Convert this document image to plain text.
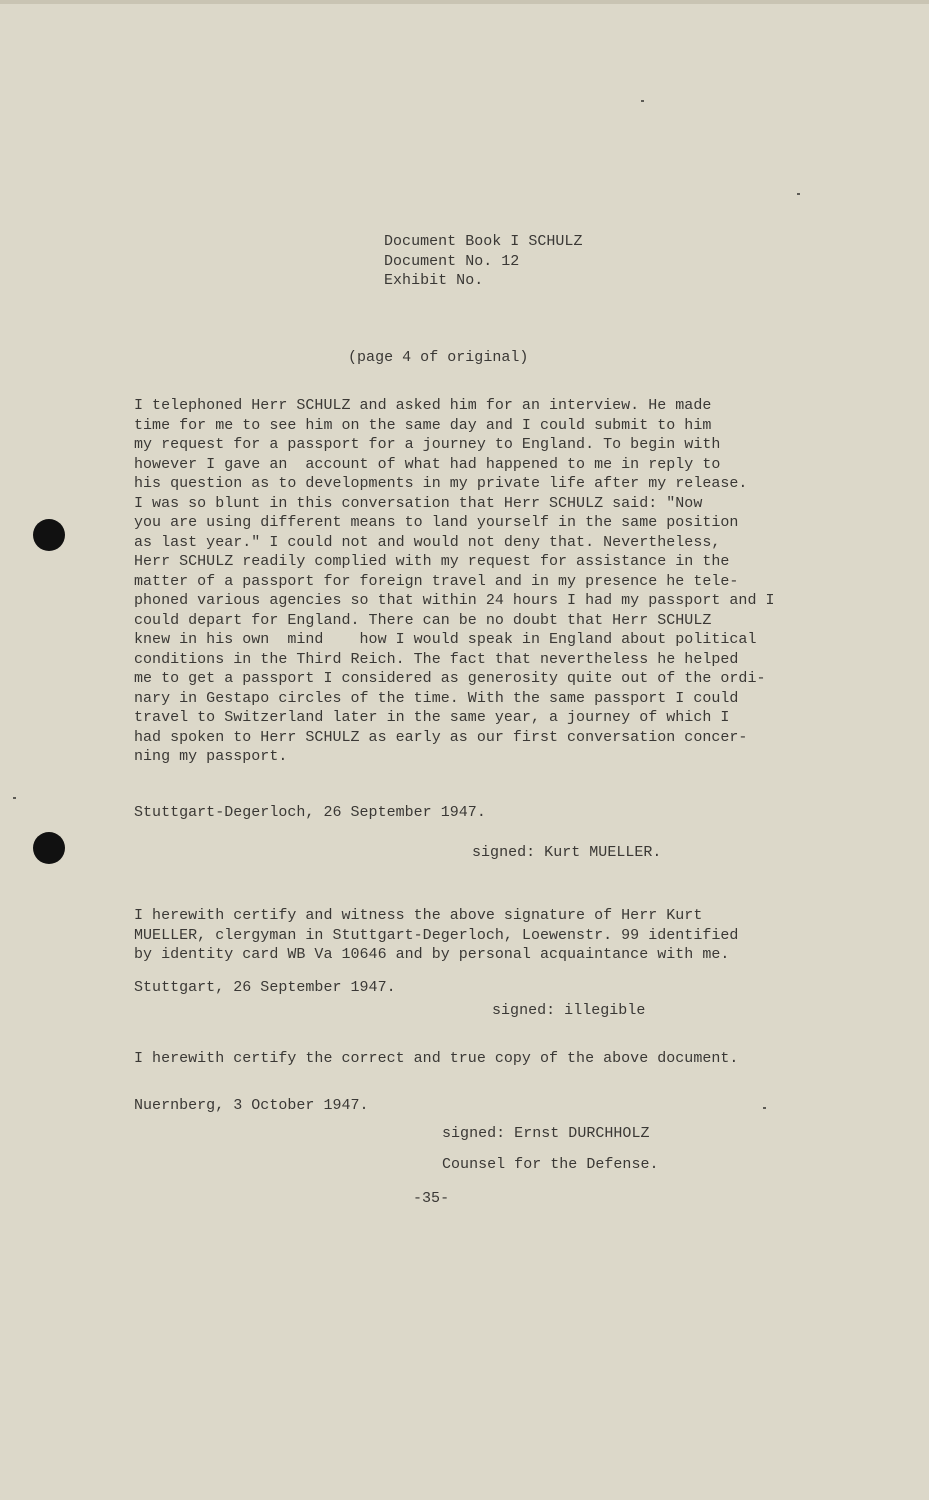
Document Book I SCHULZ
Document No. 12
Exhibit No.
(page 4 of original)
I telephoned Herr SCHULZ and asked him for an interview. He made
time for me to see him on the same day and I could submit to him
my request for a passport for a journey to England. To begin with
however I gave an  account of what had happened to me in reply to
his question as to developments in my private life after my release.
I was so blunt in this conversation that Herr SCHULZ said: "Now
you are using different means to land yourself in the same position
as last year." I could not and would not deny that. Nevertheless,
Herr SCHULZ readily complied with my request for assistance in the
matter of a passport for foreign travel and in my presence he tele-
phoned various agencies so that within 24 hours I had my passport and I
could depart for England. There can be no doubt that Herr SCHULZ
knew in his own  mind    how I would speak in England about political
conditions in the Third Reich. The fact that nevertheless he helped
me to get a passport I considered as generosity quite out of the ordi-
nary in Gestapo circles of the time. With the same passport I could
travel to Switzerland later in the same year, a journey of which I
had spoken to Herr SCHULZ as early as our first conversation concer-
ning my passport.
Stuttgart-Degerloch, 26 September 1947.
signed: Kurt MUELLER.
I herewith certify and witness the above signature of Herr Kurt
MUELLER, clergyman in Stuttgart-Degerloch, Loewenstr. 99 identified
by identity card WB Va 10646 and by personal acquaintance with me.
Stuttgart, 26 September 1947.
signed: illegible
I herewith certify the correct and true copy of the above document.
Nuernberg, 3 October 1947.
signed: Ernst DURCHHOLZ
Counsel for the Defense.
-35-
